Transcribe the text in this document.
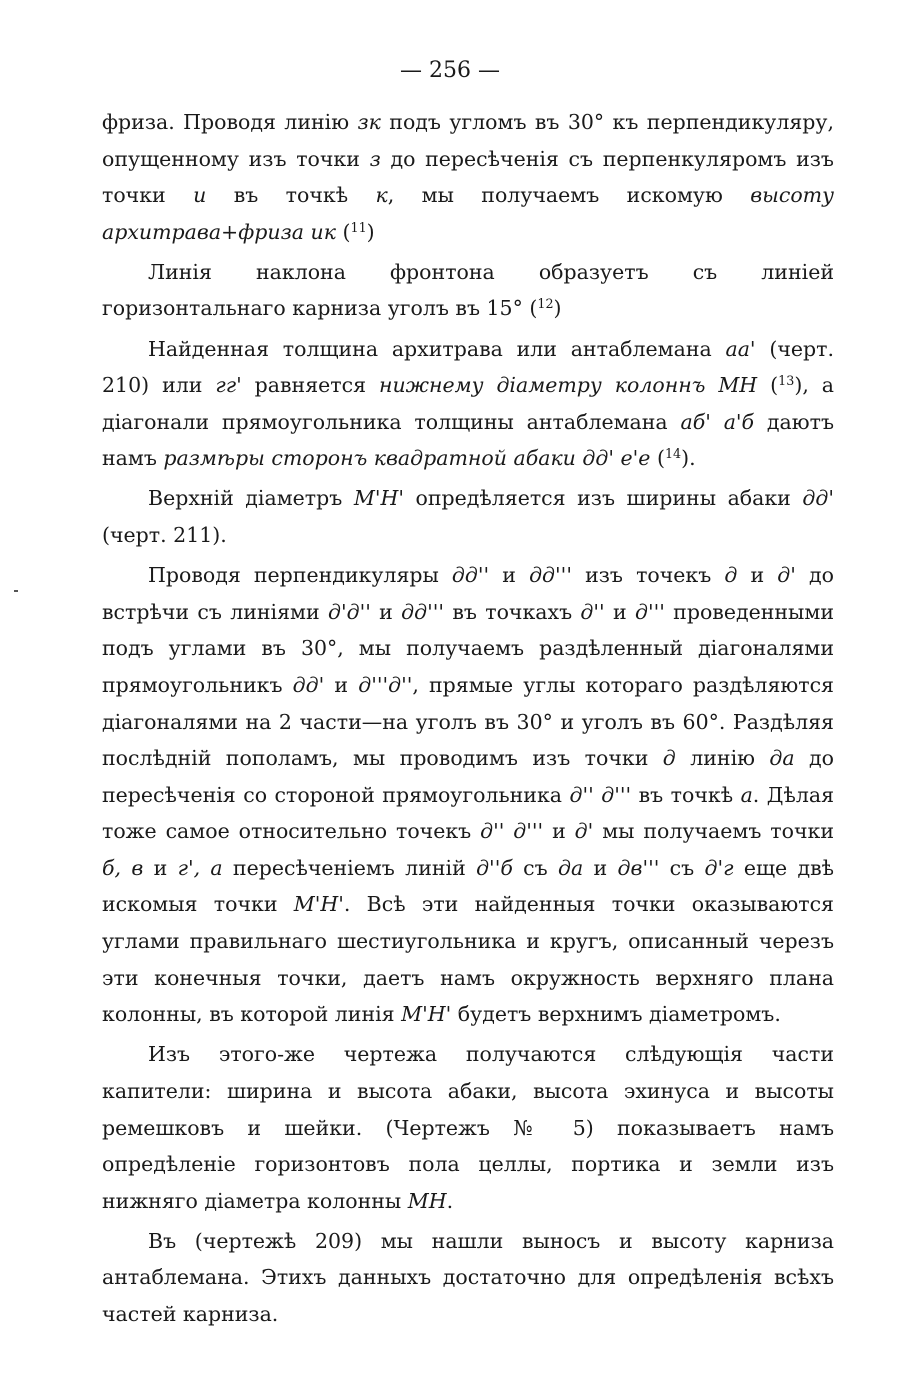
— 256 —

фриза. Проводя линію зк подъ угломъ въ 30° къ перпендикуляру, опущенному изъ точки з до пересѣченія съ перпенкуляромъ изъ точки и въ точкѣ к, мы получаемъ искомую высоту архитрава+фриза ик ($^{11}$)

Линія наклона фронтона образуетъ съ линіей горизонтальнаго карниза уголъ въ 15° ($^{12}$)

Найденная толщина архитрава или антаблемана аа' (черт. 210) или гг' равняется нижнему діаметру колоннъ МН ($^{13}$), а діагонали прямоугольника толщины антаблемана аб' а'б даютъ намъ размѣры сторонъ квадратной абаки дд' е'е ($^{14}$).

Верхній діаметръ М'Н' опредѣляется изъ ширины абаки дд' (черт. 211).

Проводя перпендикуляры дд'' и дд''' изъ точекъ д и д' до встрѣчи съ линіями д'д'' и дд''' въ точкахъ д'' и д''' проведенными подъ углами въ 30°, мы получаемъ раздѣленный діагоналями прямоугольникъ дд' и д'''д'', прямые углы котораго раздѣляются діагоналями на 2 части—на уголъ въ 30° и уголъ въ 60°. Раздѣляя послѣдній пополамъ, мы проводимъ изъ точки д линію да до пересѣченія со стороной прямоугольника д'' д''' въ точкѣ а. Дѣлая тоже самое относительно точекъ д'' д''' и д' мы получаемъ точки б, в и г', а пересѣченіемъ линій д''б съ да и дв''' съ д'г еще двѣ искомыя точки М'Н'. Всѣ эти найденныя точки оказываются углами правильнаго шестиугольника и кругъ, описанный черезъ эти конечныя точки, даетъ намъ окружность верхняго плана колонны, въ которой линія М'Н' будетъ верхнимъ діаметромъ.

Изъ этого-же чертежа получаются слѣдующія части капители: ширина и высота абаки, высота эхинуса и высоты ремешковъ и шейки. (Чертежъ № 5) показываетъ намъ опредѣленіе горизонтовъ пола целлы, портика и земли изъ нижняго діаметра колонны МН.

Въ (чертежѣ 209) мы нашли выносъ и высоту карниза антаблемана. Этихъ данныхъ достаточно для опредѣленія всѣхъ частей карниза.
